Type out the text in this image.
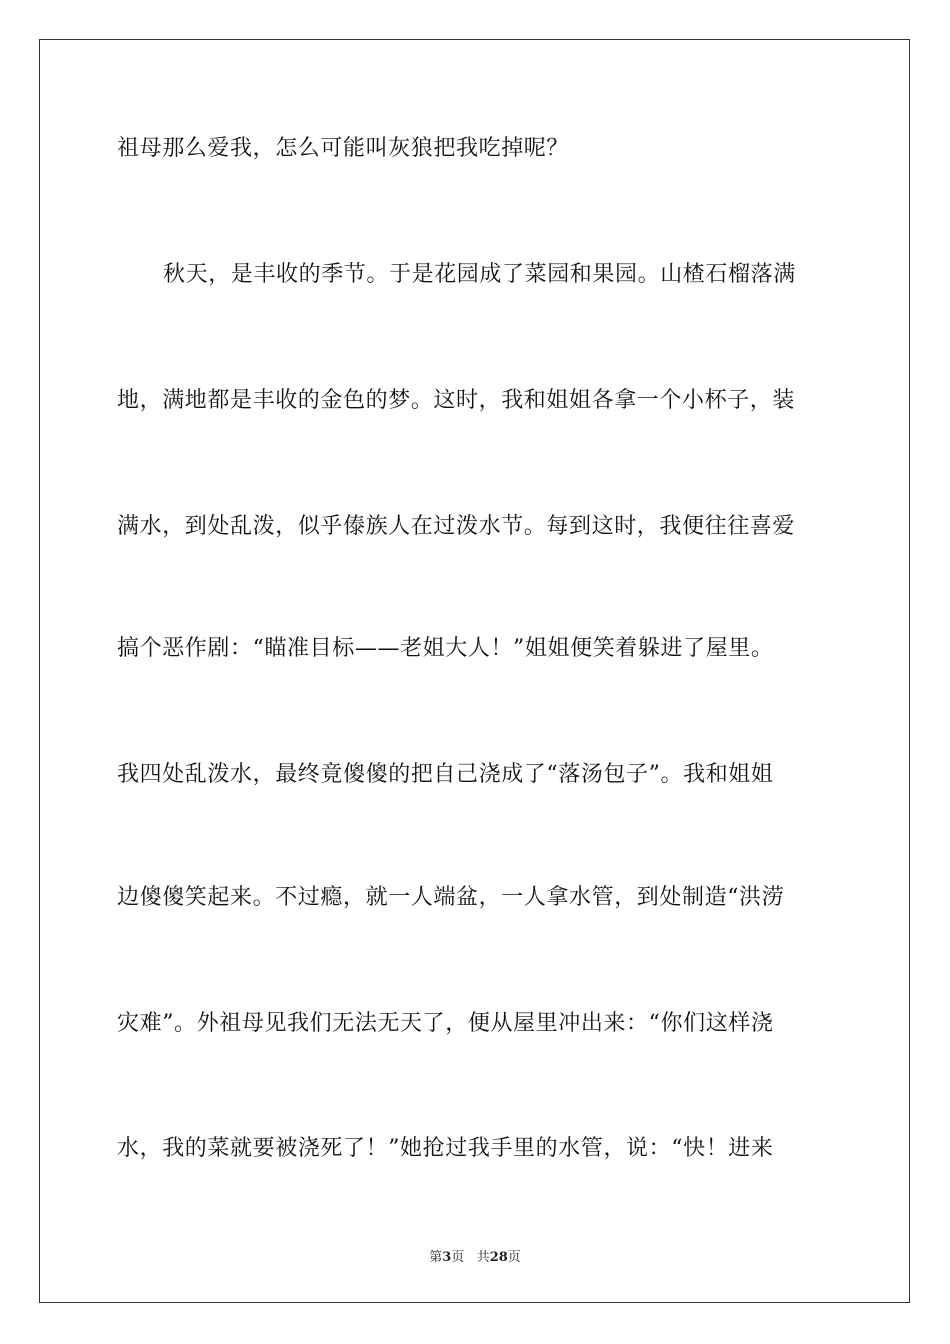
祖母那么爱我，怎么可能叫灰狼把我吃掉呢？

秋天，是丰收的季节。于是花园成了菜园和果园。山楂石榴落满

地，满地都是丰收的金色的梦。这时，我和姐姐各拿一个小杯子，装

满水，到处乱泼，似乎傣族人在过泼水节。每到这时，我便往往喜爱

搞个恶作剧：“瞄准目标——老姐大人！”姐姐便笑着躲进了屋里。

我四处乱泼水，最终竟傻傻的把自己浇成了“落汤包子”。我和姐姐

边傻傻笑起来。不过瘾，就一人端盆，一人拿水管，到处制造“洪涝

灾难”。外祖母见我们无法无天了，便从屋里冲出来：“你们这样浇

水，我的菜就要被浇死了！”她抢过我手里的水管，说：“快！进来

第3页 共28页
